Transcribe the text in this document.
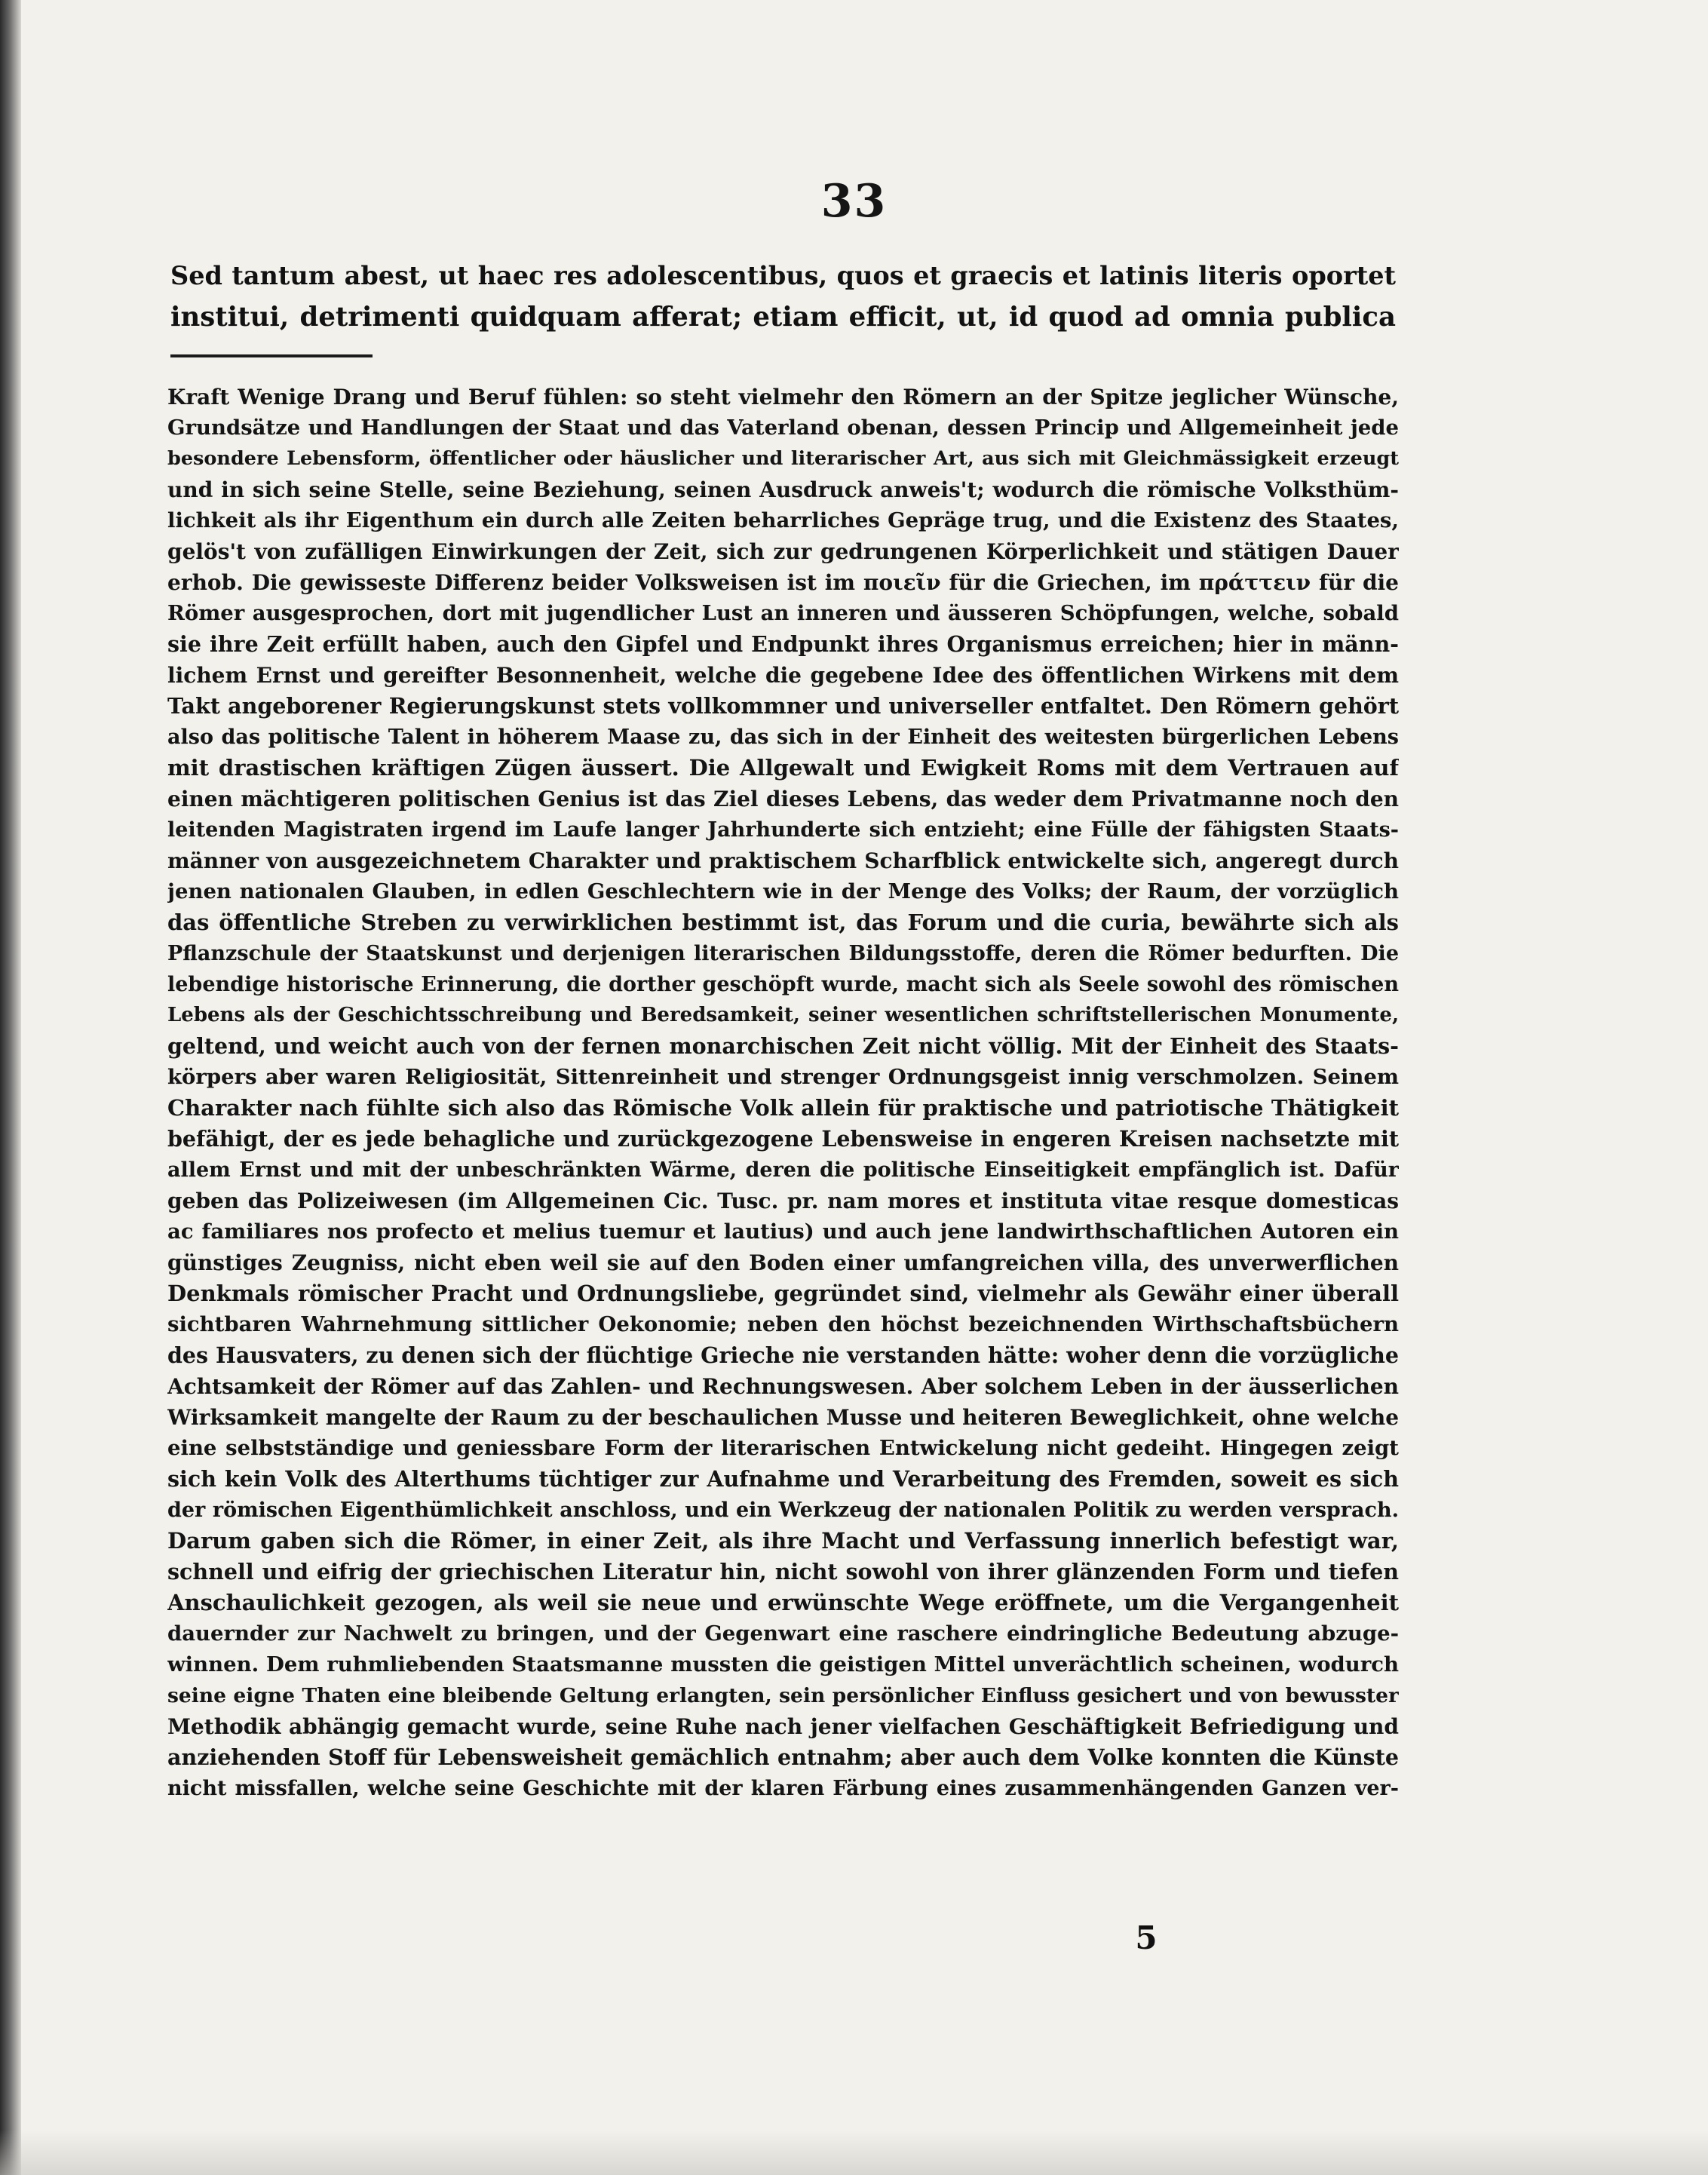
33
Sed tantum abest, ut haec res adolescentibus, quos et graecis et latinis literis oportet
institui, detrimenti quidquam afferat; etiam efficit, ut, id quod ad omnia publica
Kraft Wenige Drang und Beruf fühlen: so steht vielmehr den Römern an der Spitze jeglicher Wünsche,
Grundsätze und Handlungen der Staat und das Vaterland obenan, dessen Princip und Allgemeinheit jede
besondere Lebensform, öffentlicher oder häuslicher und literarischer Art, aus sich mit Gleichmässigkeit erzeugt
und in sich seine Stelle, seine Beziehung, seinen Ausdruck anweis't; wodurch die römische Volksthüm-
lichkeit als ihr Eigenthum ein durch alle Zeiten beharrliches Gepräge trug, und die Existenz des Staates,
gelös't von zufälligen Einwirkungen der Zeit, sich zur gedrungenen Körperlichkeit und stätigen Dauer
erhob. Die gewisseste Differenz beider Volksweisen ist im ποιεῖν für die Griechen, im πράττειν für die
Römer ausgesprochen, dort mit jugendlicher Lust an inneren und äusseren Schöpfungen, welche, sobald
sie ihre Zeit erfüllt haben, auch den Gipfel und Endpunkt ihres Organismus erreichen; hier in männ-
lichem Ernst und gereifter Besonnenheit, welche die gegebene Idee des öffentlichen Wirkens mit dem
Takt angeborener Regierungskunst stets vollkommner und universeller entfaltet. Den Römern gehört
also das politische Talent in höherem Maase zu, das sich in der Einheit des weitesten bürgerlichen Lebens
mit drastischen kräftigen Zügen äussert. Die Allgewalt und Ewigkeit Roms mit dem Vertrauen auf
einen mächtigeren politischen Genius ist das Ziel dieses Lebens, das weder dem Privatmanne noch den
leitenden Magistraten irgend im Laufe langer Jahrhunderte sich entzieht; eine Fülle der fähigsten Staats-
männer von ausgezeichnetem Charakter und praktischem Scharfblick entwickelte sich, angeregt durch
jenen nationalen Glauben, in edlen Geschlechtern wie in der Menge des Volks; der Raum, der vorzüglich
das öffentliche Streben zu verwirklichen bestimmt ist, das Forum und die curia, bewährte sich als
Pflanzschule der Staatskunst und derjenigen literarischen Bildungsstoffe, deren die Römer bedurften. Die
lebendige historische Erinnerung, die dorther geschöpft wurde, macht sich als Seele sowohl des römischen
Lebens als der Geschichtsschreibung und Beredsamkeit, seiner wesentlichen schriftstellerischen Monumente,
geltend, und weicht auch von der fernen monarchischen Zeit nicht völlig. Mit der Einheit des Staats-
körpers aber waren Religiosität, Sittenreinheit und strenger Ordnungsgeist innig verschmolzen. Seinem
Charakter nach fühlte sich also das Römische Volk allein für praktische und patriotische Thätigkeit
befähigt, der es jede behagliche und zurückgezogene Lebensweise in engeren Kreisen nachsetzte mit
allem Ernst und mit der unbeschränkten Wärme, deren die politische Einseitigkeit empfänglich ist. Dafür
geben das Polizeiwesen (im Allgemeinen Cic. Tusc. pr. nam mores et instituta vitae resque domesticas
ac familiares nos profecto et melius tuemur et lautius) und auch jene landwirthschaftlichen Autoren ein
günstiges Zeugniss, nicht eben weil sie auf den Boden einer umfangreichen villa, des unverwerflichen
Denkmals römischer Pracht und Ordnungsliebe, gegründet sind, vielmehr als Gewähr einer überall
sichtbaren Wahrnehmung sittlicher Oekonomie; neben den höchst bezeichnenden Wirthschaftsbüchern
des Hausvaters, zu denen sich der flüchtige Grieche nie verstanden hätte: woher denn die vorzügliche
Achtsamkeit der Römer auf das Zahlen- und Rechnungswesen. Aber solchem Leben in der äusserlichen
Wirksamkeit mangelte der Raum zu der beschaulichen Musse und heiteren Beweglichkeit, ohne welche
eine selbstständige und geniessbare Form der literarischen Entwickelung nicht gedeiht. Hingegen zeigt
sich kein Volk des Alterthums tüchtiger zur Aufnahme und Verarbeitung des Fremden, soweit es sich
der römischen Eigenthümlichkeit anschloss, und ein Werkzeug der nationalen Politik zu werden versprach.
Darum gaben sich die Römer, in einer Zeit, als ihre Macht und Verfassung innerlich befestigt war,
schnell und eifrig der griechischen Literatur hin, nicht sowohl von ihrer glänzenden Form und tiefen
Anschaulichkeit gezogen, als weil sie neue und erwünschte Wege eröffnete, um die Vergangenheit
dauernder zur Nachwelt zu bringen, und der Gegenwart eine raschere eindringliche Bedeutung abzuge-
winnen. Dem ruhmliebenden Staatsmanne mussten die geistigen Mittel unverächtlich scheinen, wodurch
seine eigne Thaten eine bleibende Geltung erlangten, sein persönlicher Einfluss gesichert und von bewusster
Methodik abhängig gemacht wurde, seine Ruhe nach jener vielfachen Geschäftigkeit Befriedigung und
anziehenden Stoff für Lebensweisheit gemächlich entnahm; aber auch dem Volke konnten die Künste
nicht missfallen, welche seine Geschichte mit der klaren Färbung eines zusammenhängenden Ganzen ver-
5
